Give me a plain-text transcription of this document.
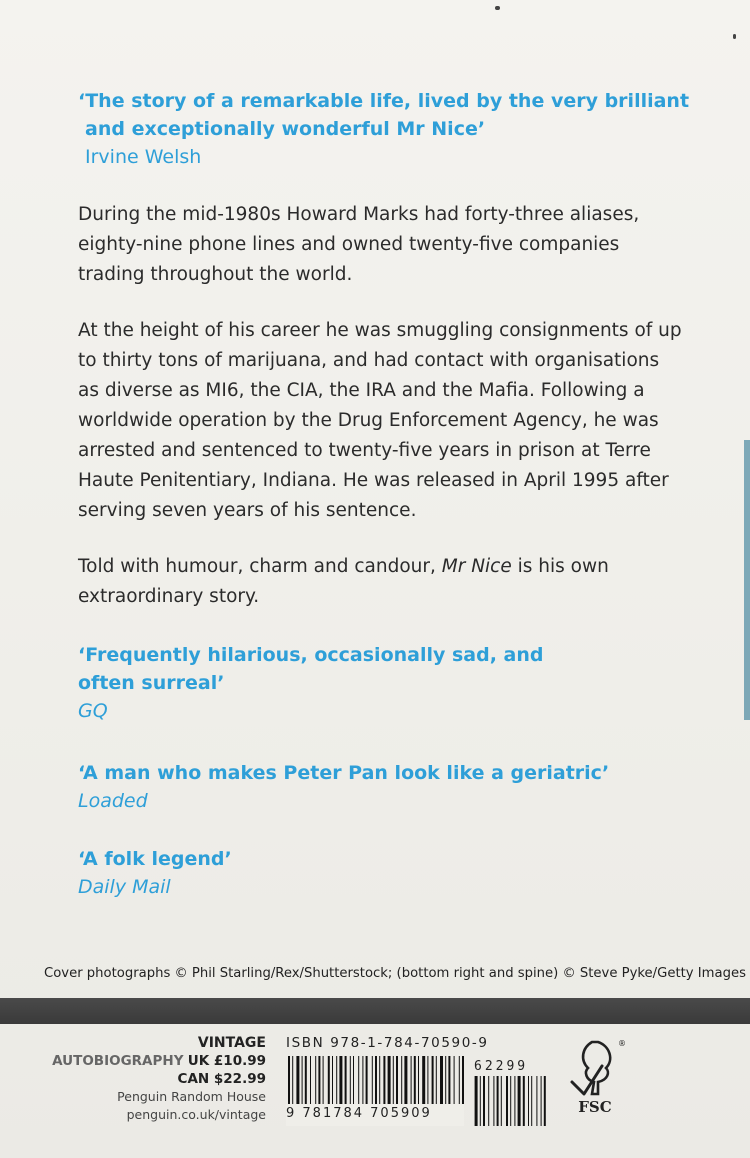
‘The story of a remarkable life, lived by the very brilliant
and exceptionally wonderful Mr Nice’
Irvine Welsh
During the mid-1980s Howard Marks had forty-three aliases,
eighty-nine phone lines and owned twenty-five companies
trading throughout the world.
At the height of his career he was smuggling consignments of up
to thirty tons of marijuana, and had contact with organisations
as diverse as MI6, the CIA, the IRA and the Mafia. Following a
worldwide operation by the Drug Enforcement Agency, he was
arrested and sentenced to twenty-five years in prison at Terre
Haute Penitentiary, Indiana. He was released in April 1995 after
serving seven years of his sentence.
Told with humour, charm and candour, Mr Nice is his own
extraordinary story.
‘Frequently hilarious, occasionally sad, and
often surreal’
GQ
‘A man who makes Peter Pan look like a geriatric’
Loaded
‘A folk legend’
Daily Mail
Cover photographs © Phil Starling/Rex/Shutterstock; (bottom right and spine) © Steve Pyke/Getty Images
VINTAGE
AUTOBIOGRAPHY UK £10.99
CAN $22.99
Penguin Random House
penguin.co.uk/vintage
ISBN 978-1-784-70590-9
62299
9 781784 705909
®
FSC
